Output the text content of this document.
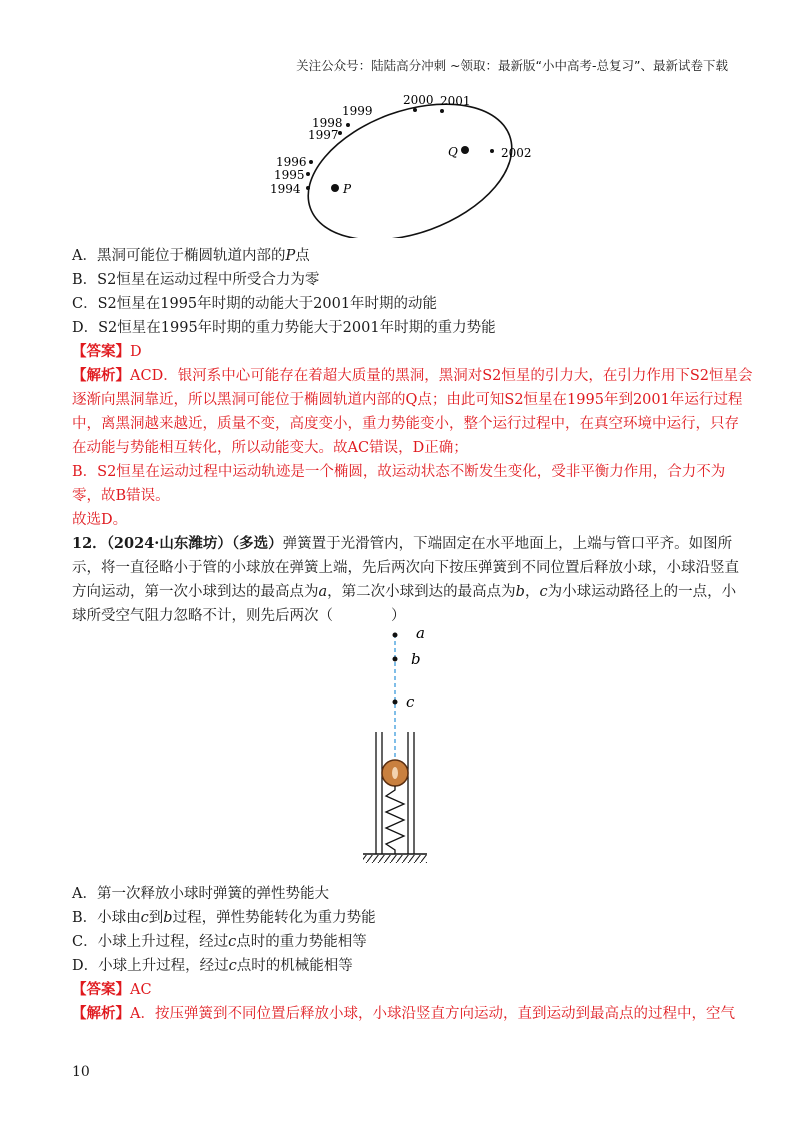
关注公众号：陆陆高分冲刺 ~领取：最新版“小中高考-总复习”、最新试卷下载
1994
1995
1996
1997
1998
1999
2000 2001
2002
P
Q
A．黑洞可能位于椭圆轨道内部的P点
B．S2恒星在运动过程中所受合力为零
C．S2恒星在1995年时期的动能大于2001年时期的动能
D．S2恒星在1995年时期的重力势能大于2001年时期的重力势能
【答案】D
【解析】ACD．银河系中心可能存在着超大质量的黑洞，黑洞对S2恒星的引力大，在引力作用下S2恒星会
逐渐向黑洞靠近，所以黑洞可能位于椭圆轨道内部的Q点；由此可知S2恒星在1995年到2001年运行过程
中，离黑洞越来越近，质量不变，高度变小，重力势能变小，整个运行过程中，在真空环境中运行，只存
在动能与势能相互转化，所以动能变大。故AC错误，D正确；
B．S2恒星在运动过程中运动轨迹是一个椭圆，故运动状态不断发生变化，受非平衡力作用，合力不为
零，故B错误。
故选D。
12．（2024·山东潍坊）（多选）弹簧置于光滑管内，下端固定在水平地面上，上端与管口平齐。如图所
示，将一直径略小于管的小球放在弹簧上端，先后两次向下按压弹簧到不同位置后释放小球，小球沿竖直
方向运动，第一次小球到达的最高点为a，第二次小球到达的最高点为b，c为小球运动路径上的一点，小
球所受空气阻力忽略不计，则先后两次（　　　　）
a
b
c
A．第一次释放小球时弹簧的弹性势能大
B．小球由c到b过程，弹性势能转化为重力势能
C．小球上升过程，经过c点时的重力势能相等
D．小球上升过程，经过c点时的机械能相等
【答案】AC
【解析】A．按压弹簧到不同位置后释放小球，小球沿竖直方向运动，直到运动到最高点的过程中，空气
10
